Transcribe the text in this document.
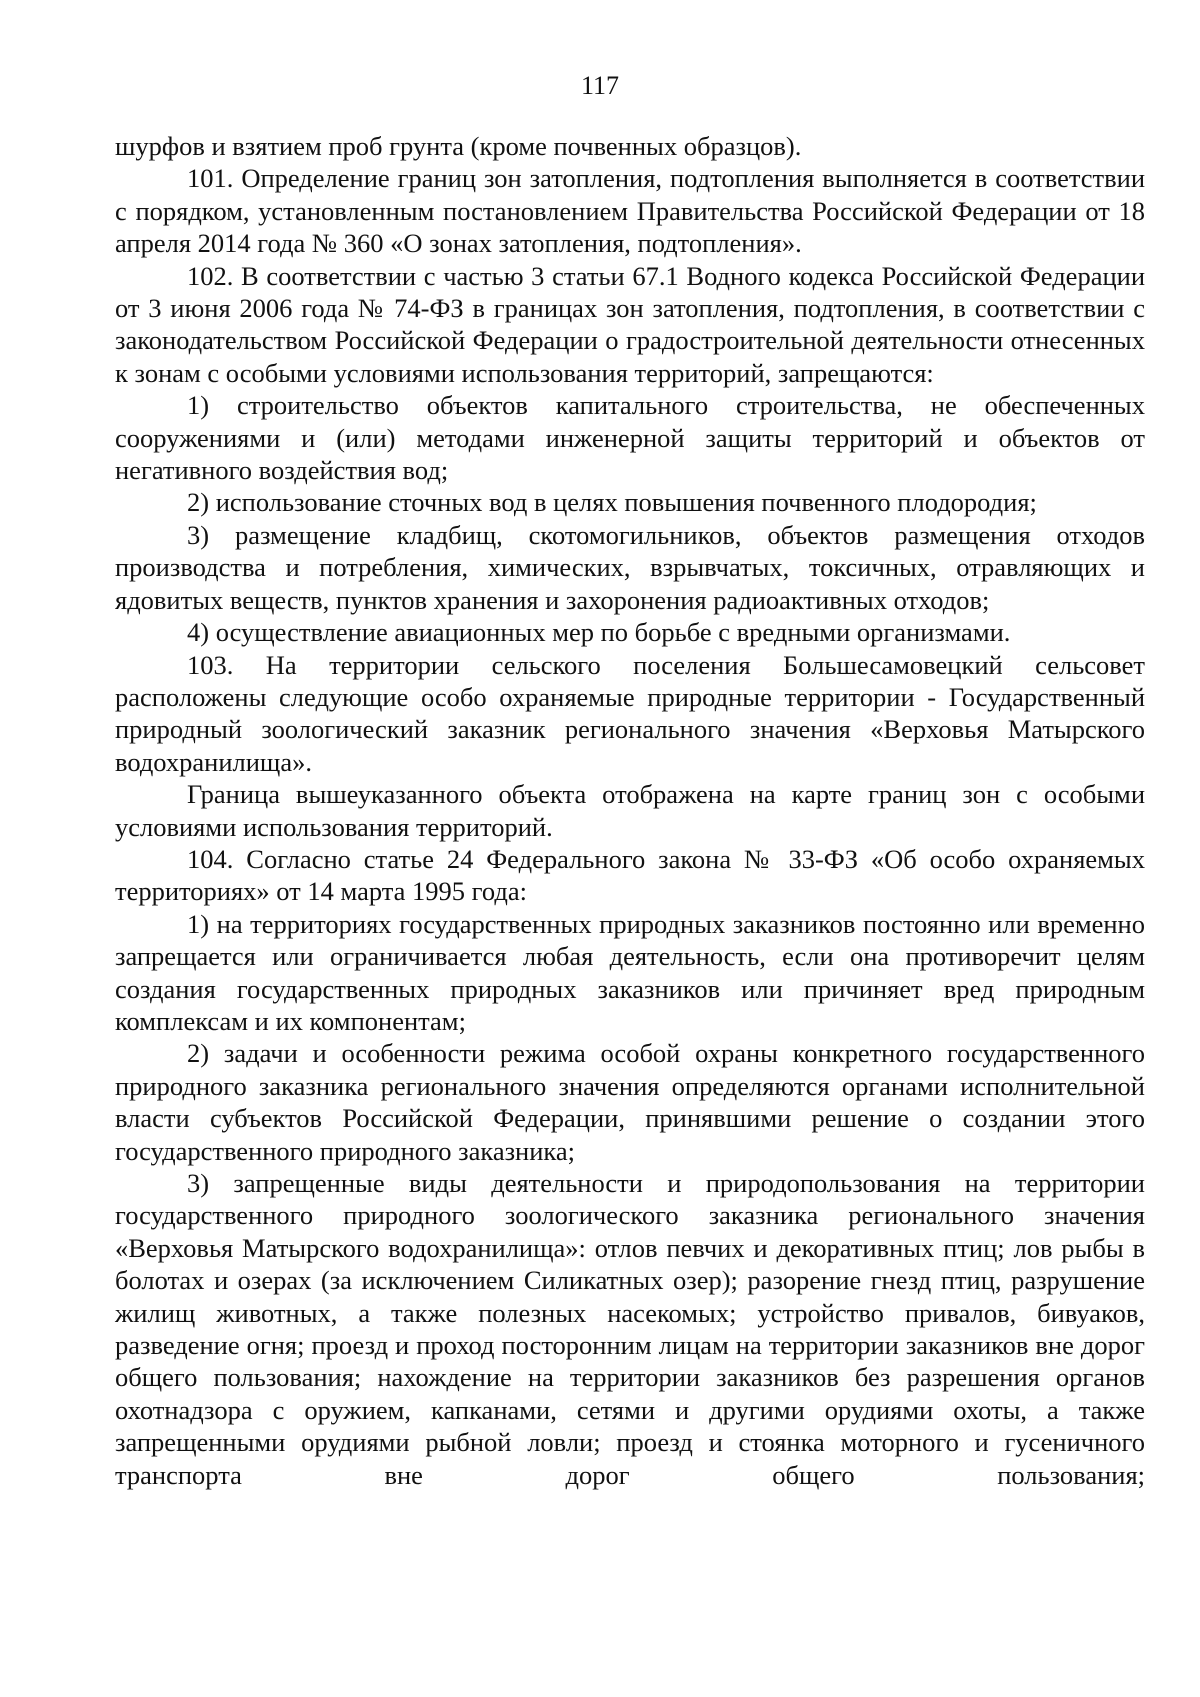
117

шурфов и взятием проб грунта (кроме почвенных образцов).

101. Определение границ зон затопления, подтопления выполняется в соответствии с порядком, установленным постановлением Правительства Российской Федерации от 18 апреля 2014 года № 360 «О зонах затопления, подтопления».

102. В соответствии с частью 3 статьи 67.1 Водного кодекса Российской Федерации от 3 июня 2006 года № 74-ФЗ в границах зон затопления, подтопления, в соответствии с законодательством Российской Федерации о градостроительной деятельности отнесенных к зонам с особыми условиями использования территорий, запрещаются:

1) строительство объектов капитального строительства, не обеспеченных сооружениями и (или) методами инженерной защиты территорий и объектов от негативного воздействия вод;

2) использование сточных вод в целях повышения почвенного плодородия;

3) размещение кладбищ, скотомогильников, объектов размещения отходов производства и потребления, химических, взрывчатых, токсичных, отравляющих и ядовитых веществ, пунктов хранения и захоронения радиоактивных отходов;

4) осуществление авиационных мер по борьбе с вредными организмами.

103. На территории сельского поселения Большесамовецкий сельсовет расположены следующие особо охраняемые природные территории - Государственный природный зоологический заказник регионального значения «Верховья Матырского водохранилища».

Граница вышеуказанного объекта отображена на карте границ зон с особыми условиями использования территорий.

104. Согласно статье 24 Федерального закона № 33-ФЗ «Об особо охраняемых территориях» от 14 марта 1995 года:

1) на территориях государственных природных заказников постоянно или временно запрещается или ограничивается любая деятельность, если она противоречит целям создания государственных природных заказников или причиняет вред природным комплексам и их компонентам;

2) задачи и особенности режима особой охраны конкретного государственного природного заказника регионального значения определяются органами исполнительной власти субъектов Российской Федерации, принявшими решение о создании этого государственного природного заказника;

3) запрещенные виды деятельности и природопользования на территории государственного природного зоологического заказника регионального значения «Верховья Матырского водохранилища»: отлов певчих и декоративных птиц; лов рыбы в болотах и озерах (за исключением Силикатных озер); разорение гнезд птиц, разрушение жилищ животных, а также полезных насекомых; устройство привалов, бивуаков, разведение огня; проезд и проход посторонним лицам на территории заказников вне дорог общего пользования; нахождение на территории заказников без разрешения органов охотнадзора с оружием, капканами, сетями и другими орудиями охоты, а также запрещенными орудиями рыбной ловли; проезд и стоянка моторного и гусеничного транспорта вне дорог общего пользования;
